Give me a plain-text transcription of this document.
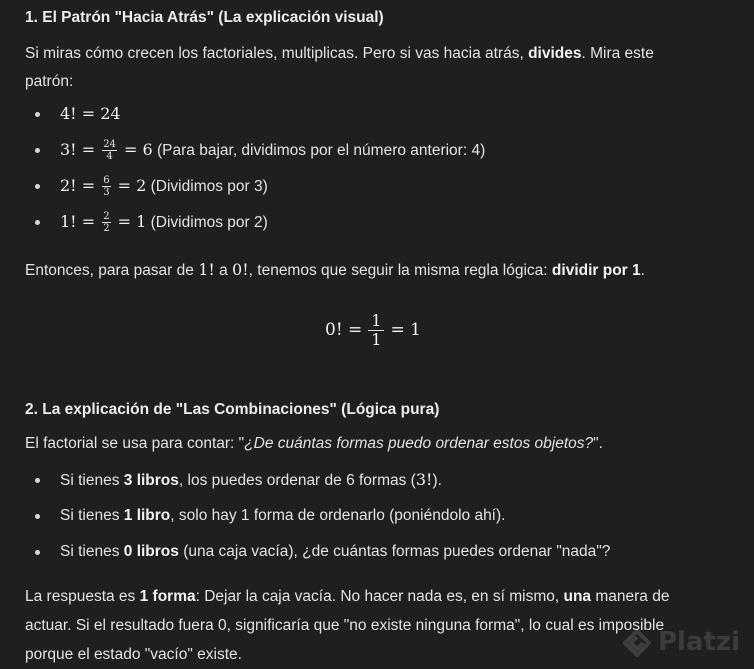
1. El Patrón "Hacia Atrás" (La explicación visual)

Si miras cómo crecen los factoriales, multiplicas. Pero si vas hacia atrás, divides. Mira este
patrón:

4! = 24
3! = $\frac{24}{4} = 6$ (Para bajar, dividimos por el número anterior: 4)
2! = $\frac{6}{3} = 2$ (Dividimos por 3)
1! = $\frac{2}{2} = 1$ (Dividimos por 2)

Entonces, para pasar de 1! a 0!, tenemos que seguir la misma regla lógica: dividir por 1.

0! = $\frac{1}{1} = 1$
2. La explicación de "Las Combinaciones" (Lógica pura)

El factorial se usa para contar: "¿De cuántas formas puedo ordenar estos objetos?".

Si tienes 3 libros, los puedes ordenar de 6 formas (3!).
Si tienes 1 libro, solo hay 1 forma de ordenarlo (poniéndolo ahí).
Si tienes 0 libros (una caja vacía), ¿de cuántas formas puedes ordenar "nada"?

La respuesta es 1 forma: Dejar la caja vacía. No hacer nada es, en sí mismo, una manera de
actuar. Si el resultado fuera 0, significaría que "no existe ninguna forma", lo cual es imposible
porque el estado "vacío" existe.	Platzi
